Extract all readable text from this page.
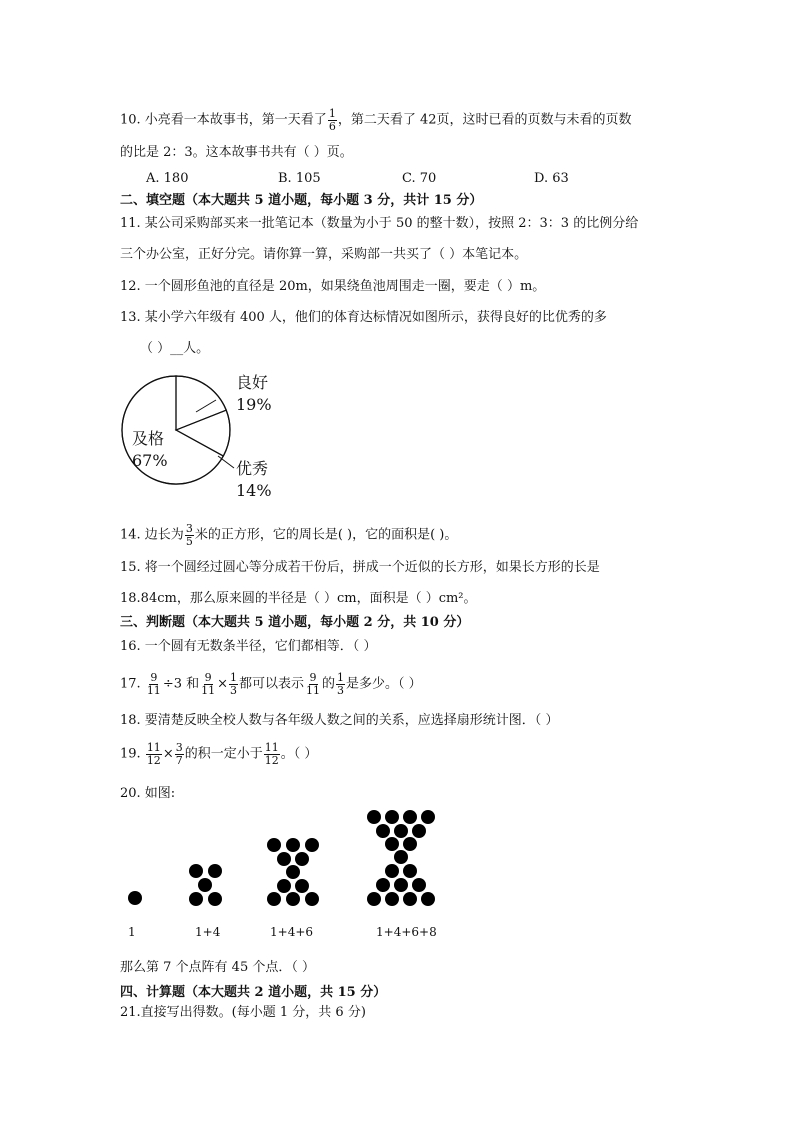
10. 小亮看一本故事书，第一天看了 $\frac{1}{6}$ ，第二天看了 42页，这时已看的页数与未看的页数
的比是 2：3。这本故事书共有（ ）页。
A. 180	B. 105	C. 70	D. 63
二、填空题（本大题共 5 道小题，每小题 3 分，共计 15 分）
11. 某公司采购部买来一批笔记本（数量为小于 50 的整十数），按照 2：3：3 的比例分给
三个办公室，正好分完。请你算一算，采购部一共买了（ ）本笔记本。
12. 一个圆形鱼池的直径是 20m，如果绕鱼池周围走一圈，要走（ ）m。
13. 某小学六年级有 400 人，他们的体育达标情况如图所示，获得良好的比优秀的多
（ ）__人。
良好
19%
优秀
14%
及格
67%
14. 边长为 $\frac{3}{5}$ 米的正方形，它的周长是( )，它的面积是( )。
15. 将一个圆经过圆心等分成若干份后，拼成一个近似的长方形，如果长方形的长是
18.84cm，那么原来圆的半径是（ ）cm，面积是（ ）cm²。
三、判断题（本大题共 5 道小题，每小题 2 分，共 10 分）
16. 一个圆有无数条半径，它们都相等．（ ）
17. $\frac{9}{11} \div 3$ 和 $\frac{9}{11} \times \frac{1}{3}$ 都可以表示 $\frac{9}{11}$ 的 $\frac{1}{3}$ 是多少。（ ）
18. 要清楚反映全校人数与各年级人数之间的关系，应选择扇形统计图．（ ）
19. $\frac{11}{12} \times \frac{3}{7}$ 的积一定小于 $\frac{11}{12}$ 。（ ）
20. 如图:
1	1+4	1+4+6	1+4+6+8
那么第 7 个点阵有 45 个点．（ ）
四、计算题（本大题共 2 道小题，共 15 分）
21.直接写出得数。(每小题 1 分，共 6 分)
